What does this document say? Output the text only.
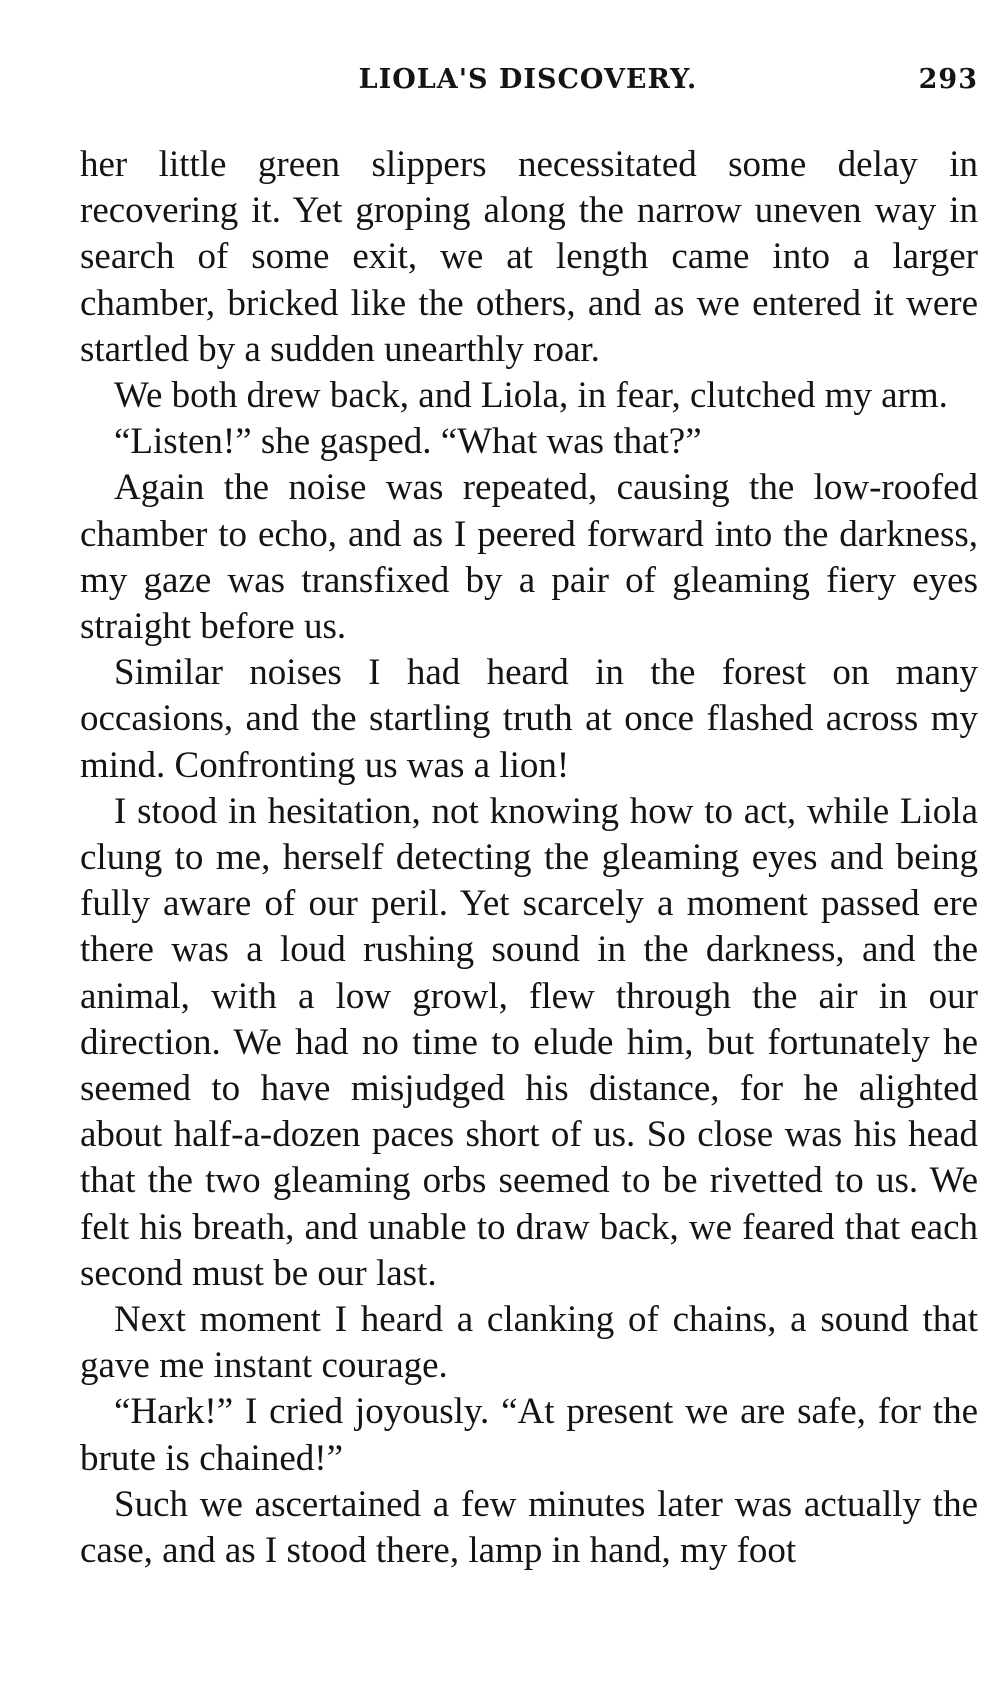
LIOLA'S DISCOVERY.	293

her little green slippers necessitated some delay in recovering it. Yet groping along the narrow uneven way in search of some exit, we at length came into a larger chamber, bricked like the others, and as we entered it were startled by a sudden unearthly roar.

We both drew back, and Liola, in fear, clutched my arm.

“Listen!” she gasped. “What was that?”

Again the noise was repeated, causing the low-roofed chamber to echo, and as I peered forward into the darkness, my gaze was transfixed by a pair of gleaming fiery eyes straight before us.

Similar noises I had heard in the forest on many occasions, and the startling truth at once flashed across my mind. Confronting us was a lion!

I stood in hesitation, not knowing how to act, while Liola clung to me, herself detecting the gleaming eyes and being fully aware of our peril. Yet scarcely a moment passed ere there was a loud rushing sound in the darkness, and the animal, with a low growl, flew through the air in our direction. We had no time to elude him, but fortunately he seemed to have misjudged his distance, for he alighted about half-a-dozen paces short of us. So close was his head that the two gleaming orbs seemed to be rivetted to us. We felt his breath, and unable to draw back, we feared that each second must be our last.

Next moment I heard a clanking of chains, a sound that gave me instant courage.

“Hark!” I cried joyously. “At present we are safe, for the brute is chained!”

Such we ascertained a few minutes later was actually the case, and as I stood there, lamp in hand, my foot
